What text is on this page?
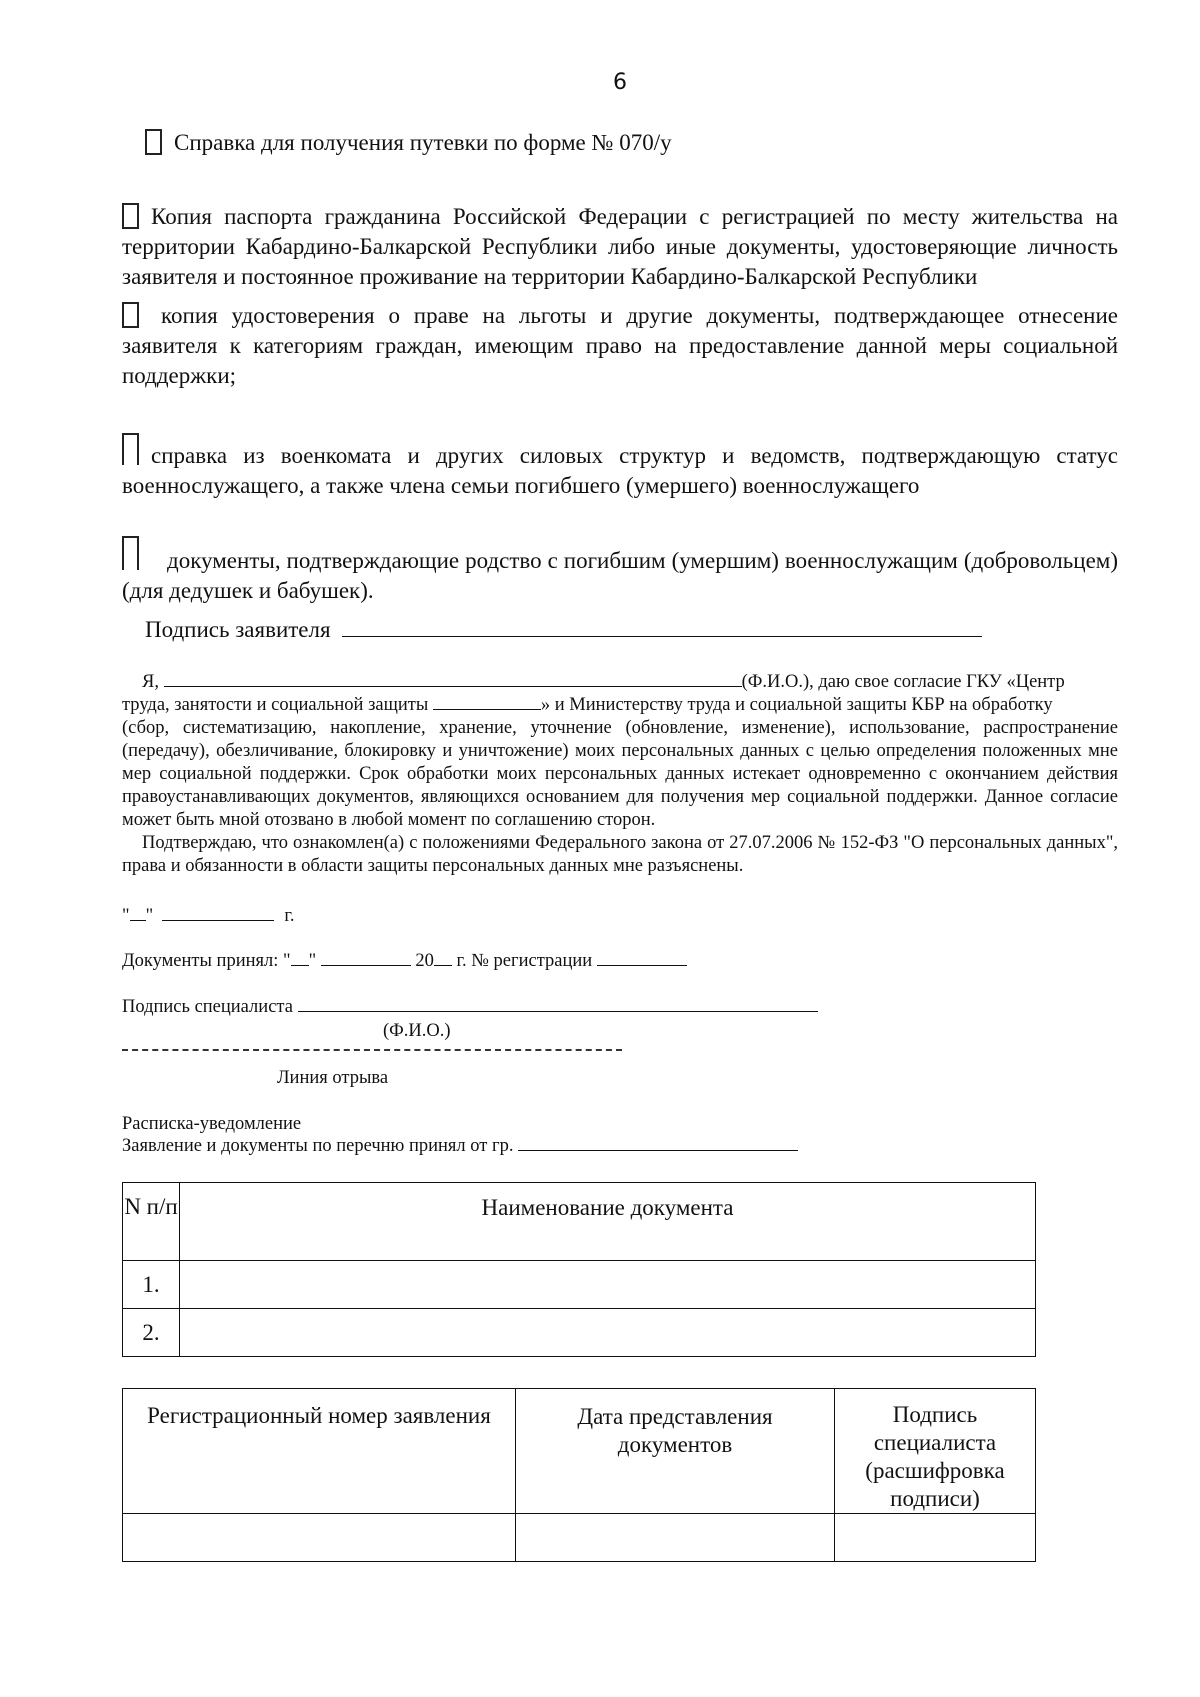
6
Справка для получения путевки по форме № 070/у
Копия паспорта гражданина Российской Федерации с регистрацией по месту жительства на территории Кабардино-Балкарской Республики либо иные документы, удостоверяющие личность заявителя и постоянное проживание на территории Кабардино-Балкарской Республики
копия удостоверения о праве на льготы и другие документы, подтверждающее отнесение заявителя к категориям граждан, имеющим право на предоставление данной меры социальной поддержки;
справка из военкомата и других силовых структур и ведомств, подтверждающую статус военнослужащего, а также члена семьи погибшего (умершего) военнослужащего
документы, подтверждающие родство с погибшим (умершим) военнослужащим (добровольцем) (для дедушек и бабушек).
Подпись заявителя

Я,	(Ф.И.О.), даю свое согласие ГКУ «Центр

труда, занятости и социальной защиты	» и Министерству труда и социальной защиты КБР на обработку

(сбор, систематизацию, накопление, хранение, уточнение (обновление, изменение), использование, распространение (передачу), обезличивание, блокировку и уничтожение) моих персональных данных с целью определения положенных мне мер социальной поддержки. Срок обработки моих персональных данных истекает одновременно с окончанием действия правоустанавливающих документов, являющихся основанием для получения мер социальной поддержки. Данное согласие может быть мной отозвано в любой момент по соглашению сторон.

Подтверждаю, что ознакомлен(а) с положениями Федерального закона от 27.07.2006 № 152-ФЗ "О персональных данных", права и обязанности в области защиты персональных данных мне разъяснены.

" "	г.
Документы принял: " "	20 г. № регистрации
Подпись специалиста
(Ф.И.О.)
Линия отрыва
Расписка-уведомление
Заявление и документы по перечню принял от гр.
N п/п	Наименование документа
1.	
2.	
Регистрационный номер заявления	Дата представления документов	Подпись специалиста (расшифровка подписи)
